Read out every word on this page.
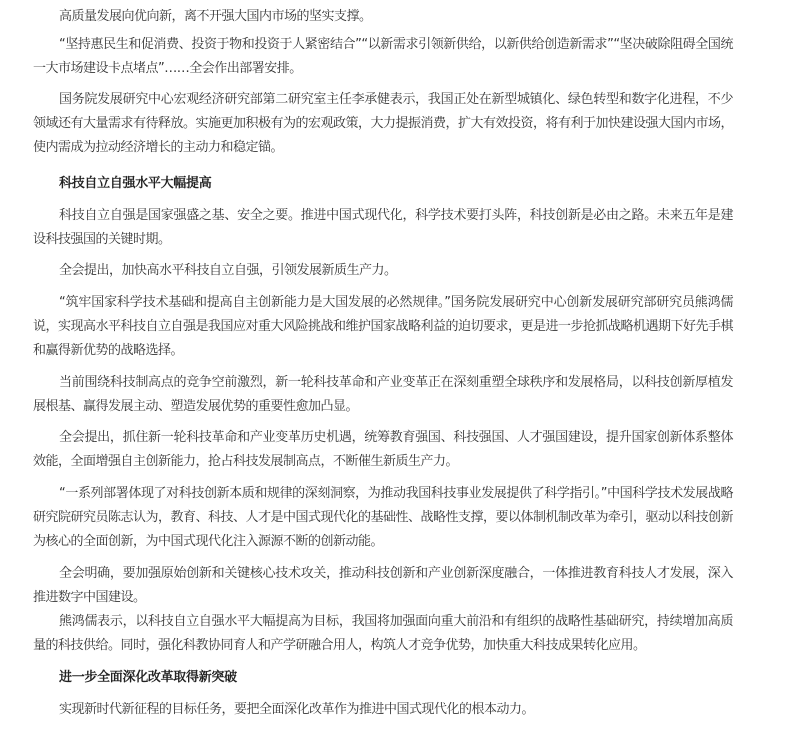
高质量发展向优向新，离不开强大国内市场的坚实支撑。

“坚持惠民生和促消费、投资于物和投资于人紧密结合”“以新需求引领新供给，以新供给创造新需求”“坚决破除阻碍全国统一大市场建设卡点堵点”……全会作出部署安排。

国务院发展研究中心宏观经济研究部第二研究室主任李承健表示，我国正处在新型城镇化、绿色转型和数字化进程，不少领域还有大量需求有待释放。实施更加积极有为的宏观政策，大力提振消费，扩大有效投资，将有利于加快建设强大国内市场，使内需成为拉动经济增长的主动力和稳定锚。

科技自立自强水平大幅提高

科技自立自强是国家强盛之基、安全之要。推进中国式现代化，科学技术要打头阵，科技创新是必由之路。未来五年是建设科技强国的关键时期。

全会提出，加快高水平科技自立自强，引领发展新质生产力。

“筑牢国家科学技术基础和提高自主创新能力是大国发展的必然规律。”国务院发展研究中心创新发展研究部研究员熊鸿儒说，实现高水平科技自立自强是我国应对重大风险挑战和维护国家战略利益的迫切要求，更是进一步抢抓战略机遇期下好先手棋和赢得新优势的战略选择。

当前围绕科技制高点的竞争空前激烈，新一轮科技革命和产业变革正在深刻重塑全球秩序和发展格局，以科技创新厚植发展根基、赢得发展主动、塑造发展优势的重要性愈加凸显。

全会提出，抓住新一轮科技革命和产业变革历史机遇，统筹教育强国、科技强国、人才强国建设，提升国家创新体系整体效能，全面增强自主创新能力，抢占科技发展制高点，不断催生新质生产力。

“一系列部署体现了对科技创新本质和规律的深刻洞察，为推动我国科技事业发展提供了科学指引。”中国科学技术发展战略研究院研究员陈志认为，教育、科技、人才是中国式现代化的基础性、战略性支撑，要以体制机制改革为牵引，驱动以科技创新为核心的全面创新，为中国式现代化注入源源不断的创新动能。

全会明确，要加强原始创新和关键核心技术攻关，推动科技创新和产业创新深度融合，一体推进教育科技人才发展，深入推进数字中国建设。

熊鸿儒表示，以科技自立自强水平大幅提高为目标，我国将加强面向重大前沿和有组织的战略性基础研究，持续增加高质量的科技供给。同时，强化科教协同育人和产学研融合用人，构筑人才竞争优势，加快重大科技成果转化应用。

进一步全面深化改革取得新突破

实现新时代新征程的目标任务，要把全面深化改革作为推进中国式现代化的根本动力。
